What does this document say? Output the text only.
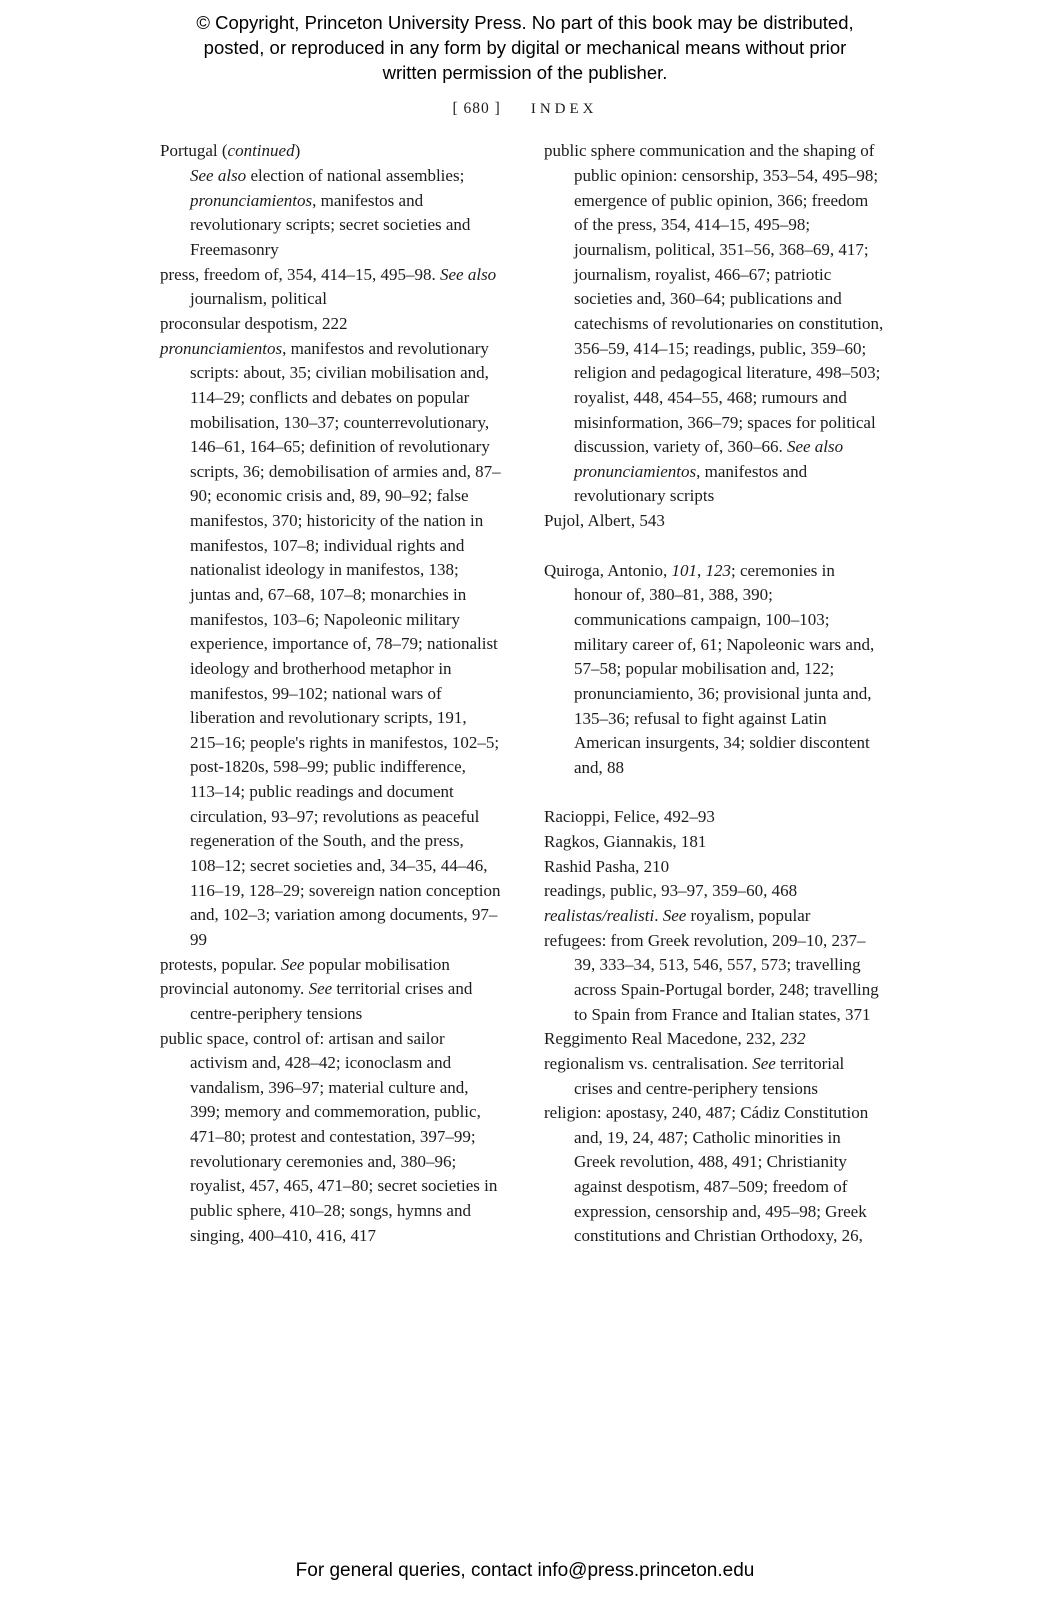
© Copyright, Princeton University Press. No part of this book may be distributed, posted, or reproduced in any form by digital or mechanical means without prior written permission of the publisher.

[ 680 ] INDEX

Portugal (continued)

See also election of national assemblies; pronunciamientos, manifestos and revolutionary scripts; secret societies and Freemasonry

press, freedom of, 354, 414–15, 495–98. See also journalism, political

proconsular despotism, 222

pronunciamientos, manifestos and revolutionary scripts: about, 35; civilian mobilisation and, 114–29; conflicts and debates on popular mobilisation, 130–37; counterrevolutionary, 146–61, 164–65; definition of revolutionary scripts, 36; demobilisation of armies and, 87–90; economic crisis and, 89, 90–92; false manifestos, 370; historicity of the nation in manifestos, 107–8; individual rights and nationalist ideology in manifestos, 138; juntas and, 67–68, 107–8; monarchies in manifestos, 103–6; Napoleonic military experience, importance of, 78–79; nationalist ideology and brotherhood metaphor in manifestos, 99–102; national wars of liberation and revolutionary scripts, 191, 215–16; people's rights in manifestos, 102–5; post-1820s, 598–99; public indifference, 113–14; public readings and document circulation, 93–97; revolutions as peaceful regeneration of the South, and the press, 108–12; secret societies and, 34–35, 44–46, 116–19, 128–29; sovereign nation conception and, 102–3; variation among documents, 97–99

protests, popular. See popular mobilisation

provincial autonomy. See territorial crises and centre-periphery tensions

public space, control of: artisan and sailor activism and, 428–42; iconoclasm and vandalism, 396–97; material culture and, 399; memory and commemoration, public, 471–80; protest and contestation, 397–99; revolutionary ceremonies and, 380–96; royalist, 457, 465, 471–80; secret societies in public sphere, 410–28; songs, hymns and singing, 400–410, 416, 417

public sphere communication and the shaping of public opinion: censorship, 353–54, 495–98; emergence of public opinion, 366; freedom of the press, 354, 414–15, 495–98; journalism, political, 351–56, 368–69, 417; journalism, royalist, 466–67; patriotic societies and, 360–64; publications and catechisms of revolutionaries on constitution, 356–59, 414–15; readings, public, 359–60; religion and pedagogical literature, 498–503; royalist, 448, 454–55, 468; rumours and misinformation, 366–79; spaces for political discussion, variety of, 360–66. See also pronunciamientos, manifestos and revolutionary scripts

Pujol, Albert, 543

Quiroga, Antonio, 101, 123; ceremonies in honour of, 380–81, 388, 390; communications campaign, 100–103; military career of, 61; Napoleonic wars and, 57–58; popular mobilisation and, 122; pronunciamiento, 36; provisional junta and, 135–36; refusal to fight against Latin American insurgents, 34; soldier discontent and, 88

Racioppi, Felice, 492–93

Ragkos, Giannakis, 181

Rashid Pasha, 210

readings, public, 93–97, 359–60, 468

realistas/realisti. See royalism, popular

refugees: from Greek revolution, 209–10, 237–39, 333–34, 513, 546, 557, 573; travelling across Spain-Portugal border, 248; travelling to Spain from France and Italian states, 371

Reggimento Real Macedone, 232, 232

regionalism vs. centralisation. See territorial crises and centre-periphery tensions

religion: apostasy, 240, 487; Cádiz Constitution and, 19, 24, 487; Catholic minorities in Greek revolution, 488, 491; Christianity against despotism, 487–509; freedom of expression, censorship and, 495–98; Greek constitutions and Christian Orthodoxy, 26,

For general queries, contact info@press.princeton.edu
